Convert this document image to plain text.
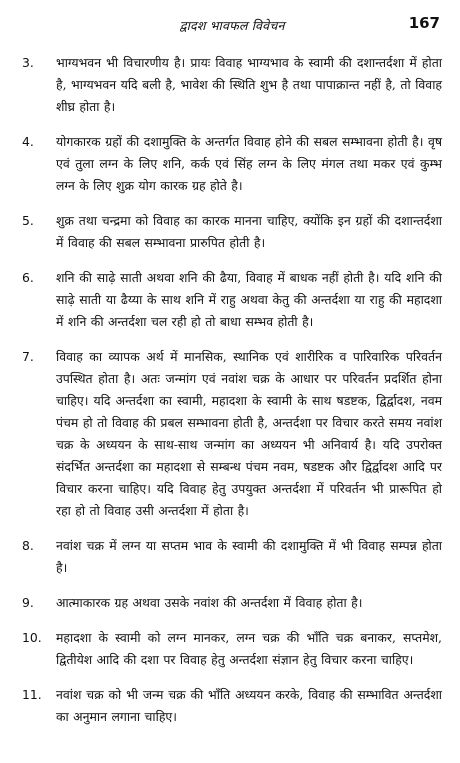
द्वादश भावफल विवेचन	167
3.	भाग्यभवन भी विचारणीय है। प्रायः विवाह भाग्यभाव के स्वामी की दशान्तर्दशा में होता है, भाग्यभवन यदि बली है, भावेश की स्थिति शुभ है तथा पापाक्रान्त नहीं है, तो विवाह शीघ्र होता है।
4.	योगकारक ग्रहों की दशामुक्ति के अन्तर्गत विवाह होने की सबल सम्भावना होती है। वृष एवं तुला लग्न के लिए शनि, कर्क एवं सिंह लग्न के लिए मंगल तथा मकर एवं कुम्भ लग्न के लिए शुक्र योग कारक ग्रह होते है।
5.	शुक्र तथा चन्द्रमा को विवाह का कारक मानना चाहिए, क्योंकि इन ग्रहों की दशान्तर्दशा में विवाह की सबल सम्भावना प्रारुपित होती है।
6.	शनि की साढ़े साती अथवा शनि की ढैया, विवाह में बाधक नहीं होती है। यदि शनि की साढ़े साती या ढैय्या के साथ शनि में राहु अथवा केतु की अन्तर्दशा या राहु की महादशा में शनि की अन्तर्दशा चल रही हो तो बाधा सम्भव होती है।
7.	विवाह का व्यापक अर्थ में मानसिक, स्थानिक एवं शारीरिक व पारिवारिक परिवर्तन उपस्थित होता है। अतः जन्मांग एवं नवांश चक्र के आधार पर परिवर्तन प्रदर्शित होना चाहिए। यदि अन्तर्दशा का स्वामी, महादशा के स्वामी के साथ षडष्टक, द्विर्द्वादश, नवम पंचम हो तो विवाह की प्रबल सम्भावना होती है, अन्तर्दशा पर विचार करते समय नवांश चक्र के अध्ययन के साथ-साथ जन्मांग का अध्ययन भी अनिवार्य है। यदि उपरोक्त संदर्भित अन्तर्दशा का महादशा से सम्बन्ध पंचम नवम, षडष्टक और द्विर्द्वादश आदि पर विचार करना चाहिए। यदि विवाह हेतु उपयुक्त अन्तर्दशा में परिवर्तन भी प्रारूपित हो रहा हो तो विवाह उसी अन्तर्दशा में होता है।
8.	नवांश चक्र में लग्न या सप्तम भाव के स्वामी की दशामुक्ति में भी विवाह सम्पन्न होता है।
9.	आत्माकारक ग्रह अथवा उसके नवांश की अन्तर्दशा में विवाह होता है।
10.	महादशा के स्वामी को लग्न मानकर, लग्न चक्र की भाँति चक्र बनाकर, सप्तमेश, द्वितीयेश आदि की दशा पर विवाह हेतु अन्तर्दशा संज्ञान हेतु विचार करना चाहिए।
11.	नवांश चक्र को भी जन्म चक्र की भाँति अध्ययन करके, विवाह की सम्भावित अन्तर्दशा का अनुमान लगाना चाहिए।
